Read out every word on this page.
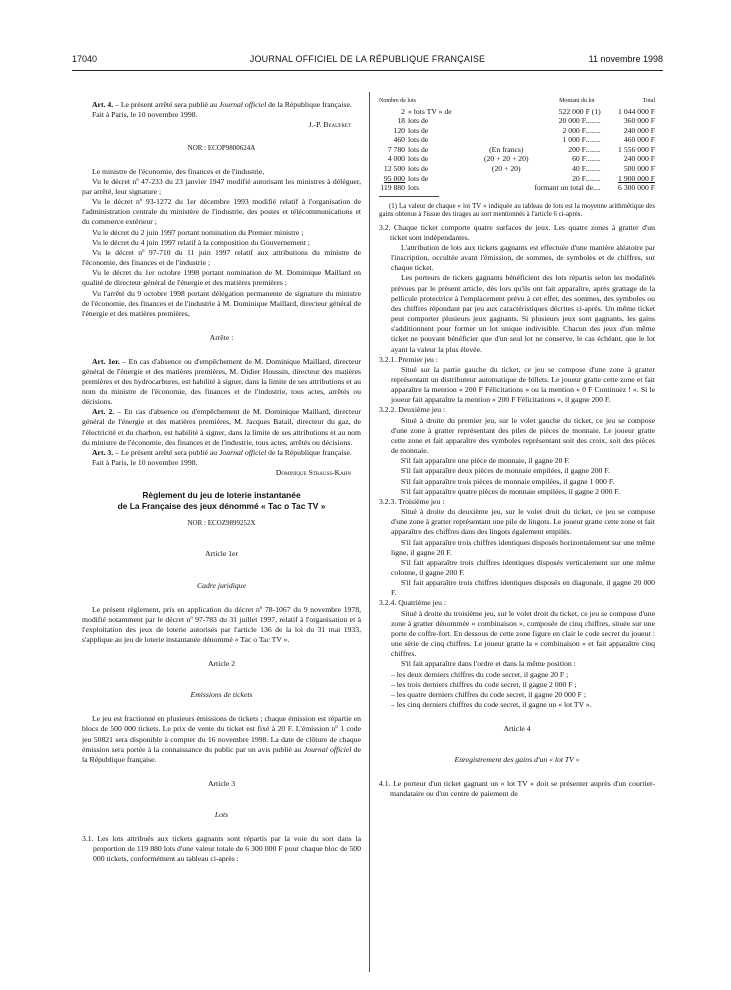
17040	JOURNAL OFFICIEL DE LA RÉPUBLIQUE FRANÇAISE	11 novembre 1998

Art. 4. – Le présent arrêté sera publié au Journal officiel de la République française.

Fait à Paris, le 10 novembre 1998.

J.-P. Beaufret

NOR : ECOP9800624A

Le ministre de l'économie, des finances et de l'industrie,

Vu le décret nº 47-233 du 23 janvier 1947 modifié autorisant les ministres à déléguer, par arrêté, leur signature ;

Vu le décret nº 93-1272 du 1er décembre 1993 modifié relatif à l'organisation de l'administration centrale du ministère de l'industrie, des postes et télécommunications et du commerce extérieur ;

Vu le décret du 2 juin 1997 portant nomination du Premier ministre ;

Vu le décret du 4 juin 1997 relatif à la composition du Gouvernement ;

Vu le décret nº 97-710 du 11 juin 1997 relatif aux attributions du ministre de l'économie, des finances et de l'industrie ;

Vu le décret du 1er octobre 1998 portant nomination de M. Dominique Maillard en qualité de directeur général de l'énergie et des matières premières ;

Vu l'arrêté du 9 octobre 1998 portant délégation permanente de signature du ministre de l'économie, des finances et de l'industrie à M. Dominique Maillard, directeur général de l'énergie et des matières premières,

Arrête :

Art. 1er. – En cas d'absence ou d'empêchement de M. Dominique Maillard, directeur général de l'énergie et des matières premières, M. Didier Houssin, directeur des matières premières et des hydrocarbures, est habilité à signer, dans la limite de ses attributions et au nom du ministre de l'économie, des finances et de l'industrie, tous actes, arrêtés ou décisions.

Art. 2. – En cas d'absence ou d'empêchement de M. Dominique Maillard, directeur général de l'énergie et des matières premières, M. Jacques Batail, directeur du gaz, de l'électricité et du charbon, est habilité à signer, dans la limite de ses attributions et au nom du ministre de l'économie, des finances et de l'industrie, tous actes, arrêtés ou décisions.

Art. 3. – Le présent arrêté sera publié au Journal officiel de la République française.

Fait à Paris, le 10 novembre 1998.

Dominique Strauss-Kahn

Règlement du jeu de loterie instantanée
de La Française des jeux dénommé « Tac o Tac TV »

NOR : ECOZ9899252X

Article 1er

Cadre juridique

Le présent règlement, pris en application du décret nº 78-1067 du 9 novembre 1978, modifié notamment par le décret nº 97-783 du 31 juillet 1997, relatif à l'organisation et à l'exploitation des jeux de loterie autorisés par l'article 136 de la loi du 31 mai 1933, s'applique au jeu de loterie instantanée dénommé « Tac o Tac TV ».

Article 2

Emissions de tickets

Le jeu est fractionné en plusieurs émissions de tickets ; chaque émission est répartie en blocs de 500 000 tickets. Le prix de vente du ticket est fixé à 20 F. L'émission nº 1 code jeu 50821 sera disponible à compter du 16 novembre 1998. La date de clôture de chaque émission sera portée à la connaissance du public par un avis publié au Journal officiel de la République française.

Article 3

Lots

3.1. Les lots attribués aux tickets gagnants sont répartis par la voie du sort dans la proportion de 119 880 lots d'une valeur totale de 6 300 000 F pour chaque bloc de 500 000 tickets, conformément au tableau ci-après :

Nombre de lots			Montant du lot	Total
2	« lots TV » de		522 000 F (1)	1 044 000 F
18	lots de		20 000 F........	360 000 F
120	lots de		2 000 F........	240 000 F
460	lots de		1 000 F........	460 000 F
7 780	lots de	(En francs)	200 F........	1 556 000 F
4 000	lots de	(20 + 20 + 20)	60 F........	240 000 F
12 500	lots de	(20 + 20)	40 F........	500 000 F
95 000	lots de		20 F........	1 900 000 F
119 880	lots	formant un total de....		6 300 000 F

(1) La valeur de chaque « lot TV » indiquée au tableau de lots est la moyenne arithmétique des gains obtenus à l'issue des tirages au sort mentionnés à l'article 6 ci-après.

3.2. Chaque ticket comporte quatre surfaces de jeux. Les quatre zones à gratter d'un ticket sont indépendantes.

L'attribution de lots aux tickets gagnants est effectuée d'une manière aléatoire par l'inscription, occultée avant l'émission, de sommes, de symboles et de chiffres, sur chaque ticket.

Les porteurs de tickets gagnants bénéficient des lots répartis selon les modalités prévues par le présent article, dès lors qu'ils ont fait apparaître, après grattage de la pellicule protectrice à l'emplacement prévu à cet effet, des sommes, des symboles ou des chiffres répondant par jeu aux caractéristiques décrites ci-après. Un même ticket peut comporter plusieurs jeux gagnants. Si plusieurs jeux sont gagnants, les gains s'additionnent pour former un lot unique indivisible. Chacun des jeux d'un même ticket ne pouvant bénéficier que d'un seul lot ne conserve, le cas échéant, que le lot ayant la valeur la plus élevée.

3.2.1. Premier jeu :

Situé sur la partie gauche du ticket, ce jeu se compose d'une zone à gratter représentant un distributeur automatique de billets. Le joueur gratte cette zone et fait apparaître la mention « 200 F Félicitations » ou la mention « 0 F Continuez ! ». Si le joueur fait apparaître la mention « 200 F Félicitations », il gagne 200 F.

3.2.2. Deuxième jeu :

Situé à droite du premier jeu, sur le volet gauche du ticket, ce jeu se compose d'une zone à gratter représentant des piles de pièces de monnaie. Le joueur gratte cette zone et fait apparaître des symboles représentant soit des croix, soit des pièces de monnaie.

S'il fait apparaître une pièce de monnaie, il gagne 20 F.

S'il fait apparaître deux pièces de monnaie empilées, il gagne 200 F.

S'il fait apparaître trois pièces de monnaie empilées, il gagne 1 000 F.

S'il fait apparaître quatre pièces de monnaie empilées, il gagne 2 000 F.

3.2.3. Troisième jeu :

Situé à droite du deuxième jeu, sur le volet droit du ticket, ce jeu se compose d'une zone à gratter représentant une pile de lingots. Le joueur gratte cette zone et fait apparaître des chiffres dans des lingots également empilés.

S'il fait apparaître trois chiffres identiques disposés horizontalement sur une même ligne, il gagne 20 F.

S'il fait apparaître trois chiffres identiques disposés verticalement sur une même colonne, il gagne 200 F.

S'il fait apparaître trois chiffres identiques disposés en diagonale, il gagne 20 000 F.

3.2.4. Quatrième jeu :

Situé à droite du troisième jeu, sur le volet droit du ticket, ce jeu se compose d'une zone à gratter dénommée « combinaison », composée de cinq chiffres, située sur une porte de coffre-fort. En dessous de cette zone figure en clair le code secret du joueur : une série de cinq chiffres. Le joueur gratte la « combinaison » et fait apparaître cinq chiffres.

S'il fait apparaître dans l'ordre et dans la même position :

– les deux derniers chiffres du code secret, il gagne 20 F ;

– les trois derniers chiffres du code secret, il gagne 2 000 F ;

– les quatre derniers chiffres du code secret, il gagne 20 000 F ;

– les cinq derniers chiffres du code secret, il gagne un « lot TV ».

Article 4

Enregistrement des gains d'un « lot TV »

4.1. Le porteur d'un ticket gagnant un « lot TV » doit se présenter auprès d'un courtier-mandataire ou d'un centre de paiement de
